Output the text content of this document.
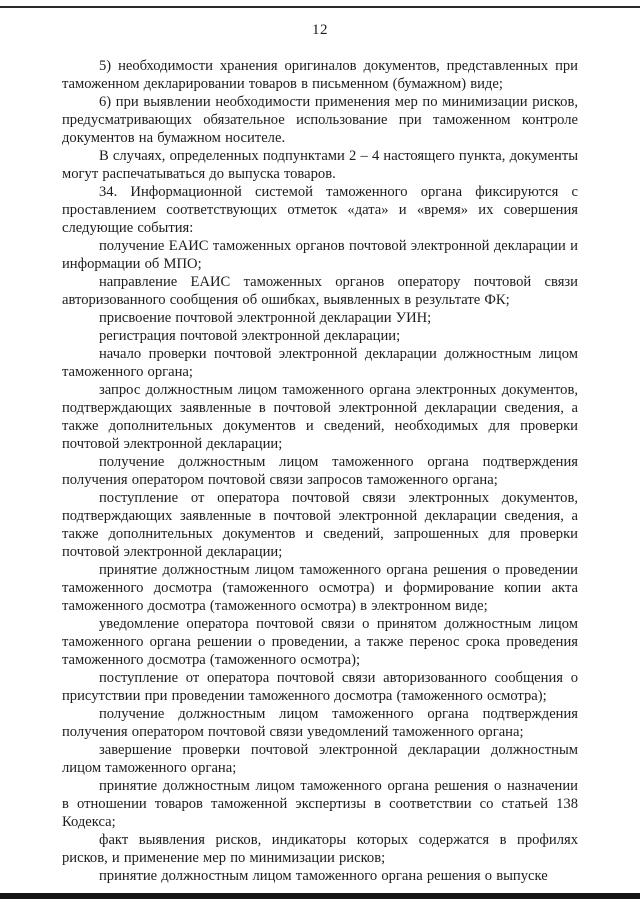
12

5) необходимости хранения оригиналов документов, представленных при таможенном декларировании товаров в письменном (бумажном) виде;

6) при выявлении необходимости применения мер по минимизации рисков, предусматривающих обязательное использование при таможенном контроле документов на бумажном носителе.

В случаях, определенных подпунктами 2 – 4 настоящего пункта, документы могут распечатываться до выпуска товаров.

34. Информационной системой таможенного органа фиксируются с проставлением соответствующих отметок «дата» и «время» их совершения следующие события:

получение ЕАИС таможенных органов почтовой электронной декларации и информации об МПО;

направление ЕАИС таможенных органов оператору почтовой связи авторизованного сообщения об ошибках, выявленных в результате ФК;

присвоение почтовой электронной декларации УИН;

регистрация почтовой электронной декларации;

начало проверки почтовой электронной декларации должностным лицом таможенного органа;

запрос должностным лицом таможенного органа электронных документов, подтверждающих заявленные в почтовой электронной декларации сведения, а также дополнительных документов и сведений, необходимых для проверки почтовой электронной декларации;

получение должностным лицом таможенного органа подтверждения получения оператором почтовой связи запросов таможенного органа;

поступление от оператора почтовой связи электронных документов, подтверждающих заявленные в почтовой электронной декларации сведения, а также дополнительных документов и сведений, запрошенных для проверки почтовой электронной декларации;

принятие должностным лицом таможенного органа решения о проведении таможенного досмотра (таможенного осмотра) и формирование копии акта таможенного досмотра (таможенного осмотра) в электронном виде;

уведомление оператора почтовой связи о принятом должностным лицом таможенного органа решении о проведении, а также перенос срока проведения таможенного досмотра (таможенного осмотра);

поступление от оператора почтовой связи авторизованного сообщения о присутствии при проведении таможенного досмотра (таможенного осмотра);

получение должностным лицом таможенного органа подтверждения получения оператором почтовой связи уведомлений таможенного органа;

завершение проверки почтовой электронной декларации должностным лицом таможенного органа;

принятие должностным лицом таможенного органа решения о назначении в отношении товаров таможенной экспертизы в соответствии со статьей 138 Кодекса;

факт выявления рисков, индикаторы которых содержатся в профилях рисков, и применение мер по минимизации рисков;

принятие должностным лицом таможенного органа решения о выпуске
